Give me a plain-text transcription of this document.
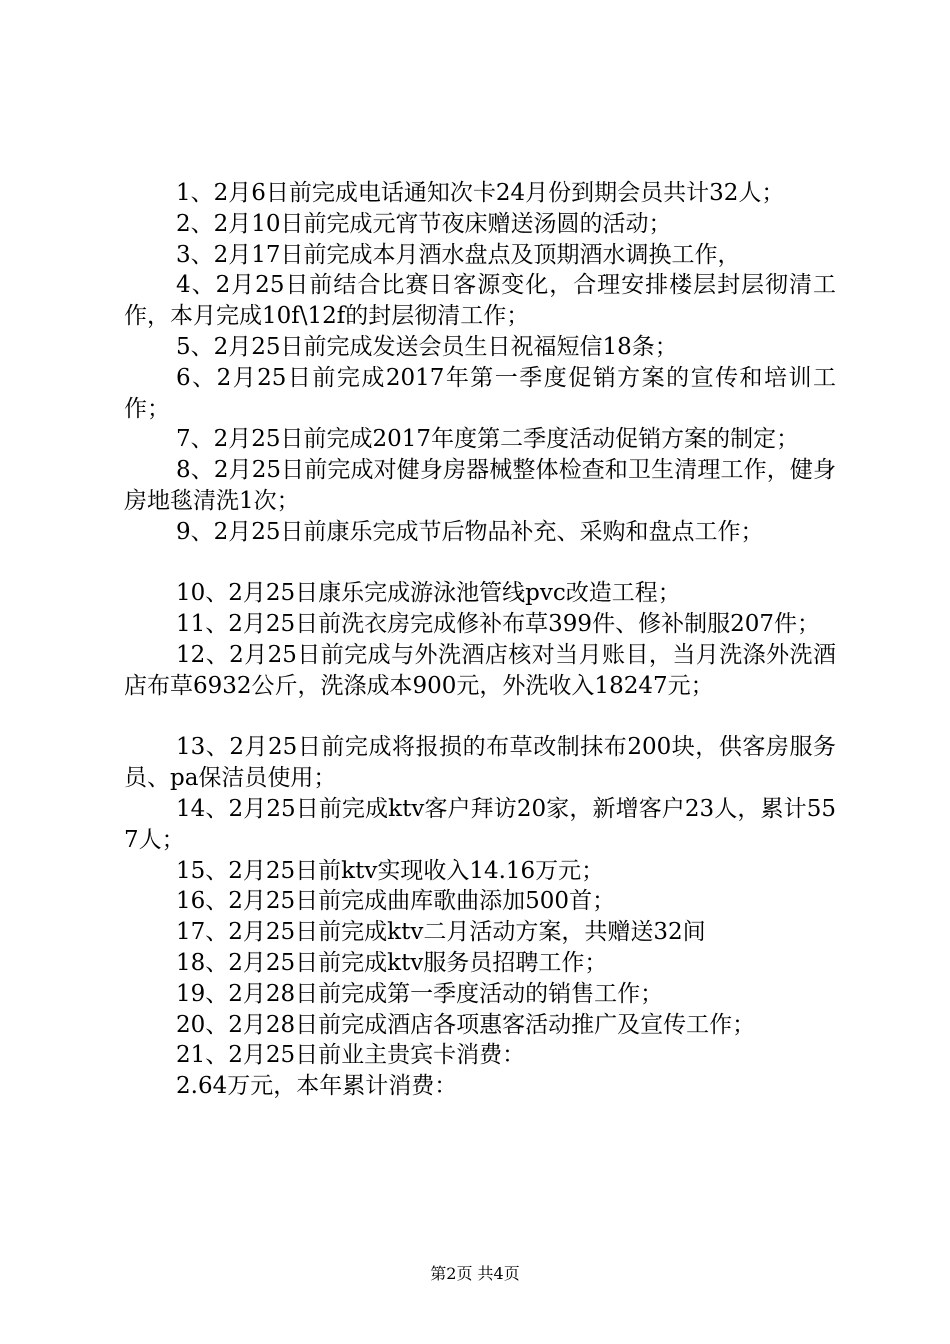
1、2月6日前完成电话通知次卡24月份到期会员共计32人；

2、2月10日前完成元宵节夜床赠送汤圆的活动；

3、2月17日前完成本月酒水盘点及顶期酒水调换工作，

4、2月25日前结合比赛日客源变化，合理安排楼层封层彻清工作，本月完成10f\12f的封层彻清工作；

5、2月25日前完成发送会员生日祝福短信18条；

6、2月25日前完成2017年第一季度促销方案的宣传和培训工作；

7、2月25日前完成2017年度第二季度活动促销方案的制定；

8、2月25日前完成对健身房器械整体检查和卫生清理工作，健身房地毯清洗1次；

9、2月25日前康乐完成节后物品补充、采购和盘点工作；

10、2月25日康乐完成游泳池管线pvc改造工程；

11、2月25日前洗衣房完成修补布草399件、修补制服207件；

12、2月25日前完成与外洗酒店核对当月账目，当月洗涤外洗酒店布草6932公斤，洗涤成本900元，外洗收入18247元；

13、2月25日前完成将报损的布草改制抹布200块，供客房服务员、pa保洁员使用；

14、2月25日前完成ktv客户拜访20家，新增客户23人，累计557人；

15、2月25日前ktv实现收入14.16万元；

16、2月25日前完成曲库歌曲添加500首；

17、2月25日前完成ktv二月活动方案，共赠送32间

18、2月25日前完成ktv服务员招聘工作；

19、2月28日前完成第一季度活动的销售工作；

20、2月28日前完成酒店各项惠客活动推广及宣传工作；

21、2月25日前业主贵宾卡消费：

2.64万元，本年累计消费：

第2页 共4页
